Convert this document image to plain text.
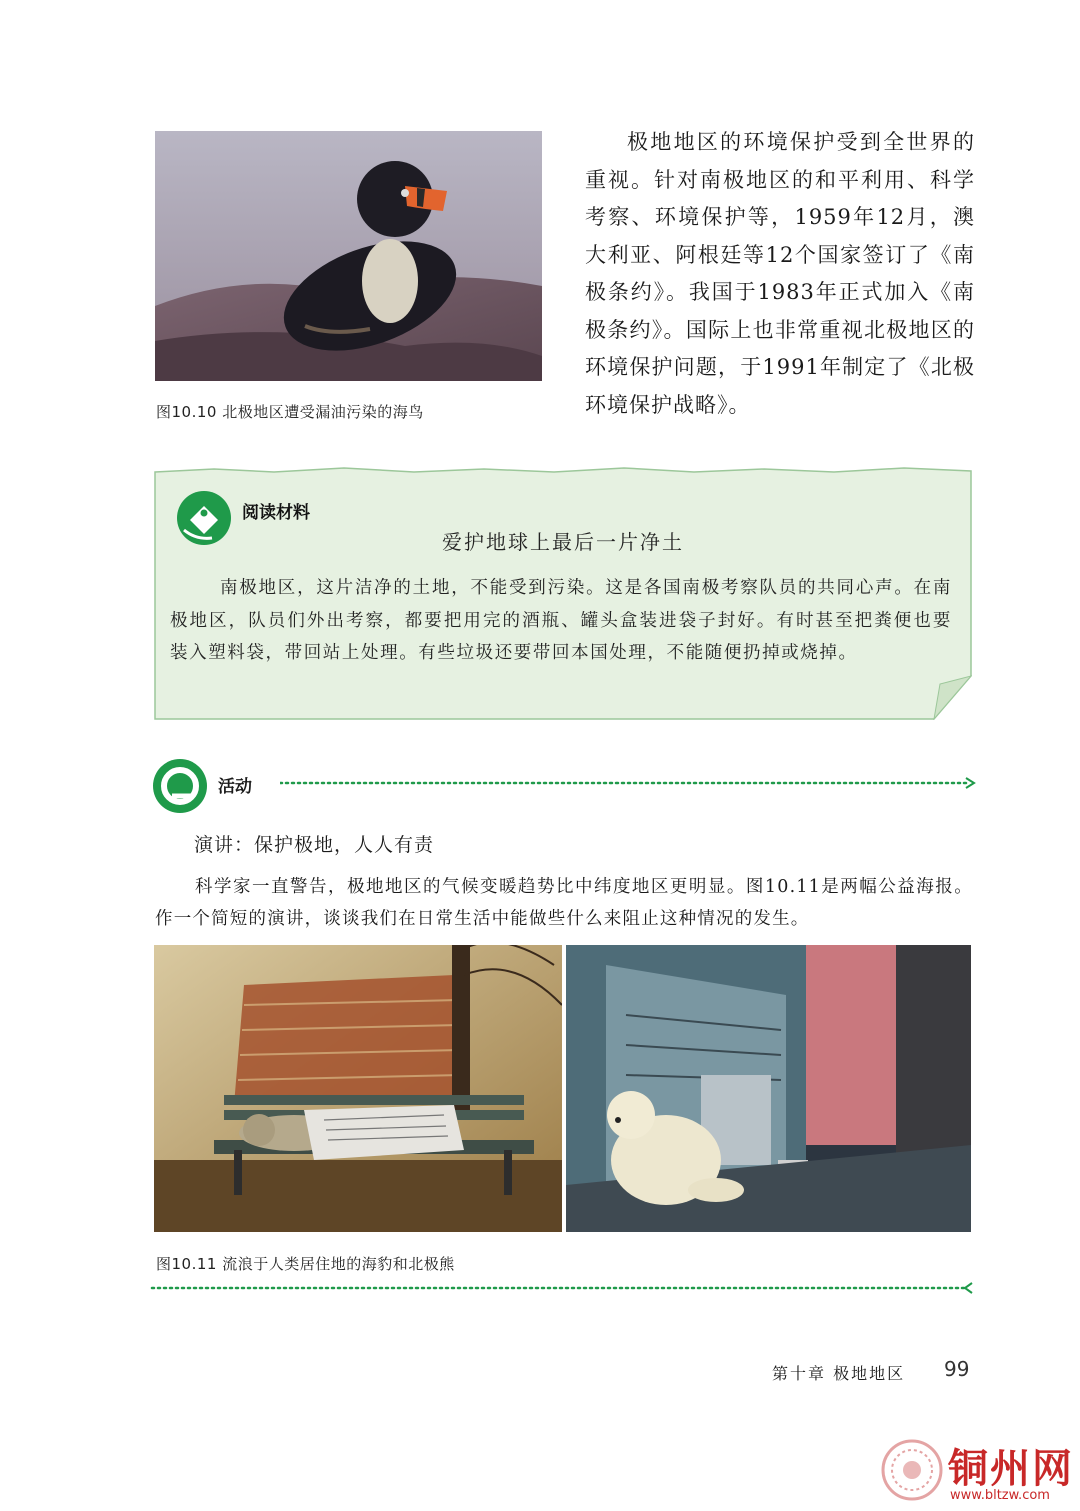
图10.10 北极地区遭受漏油污染的海鸟
极地地区的环境保护受到全世界的重视。针对南极地区的和平利用、科学考察、环境保护等，1959年12月，澳大利亚、阿根廷等12个国家签订了《南极条约》。我国于1983年正式加入《南极条约》。国际上也非常重视北极地区的环境保护问题，于1991年制定了《北极环境保护战略》。
阅读材料
爱护地球上最后一片净土
南极地区，这片洁净的土地，不能受到污染。这是各国南极考察队员的共同心声。在南极地区，队员们外出考察，都要把用完的酒瓶、罐头盒装进袋子封好。有时甚至把粪便也要装入塑料袋，带回站上处理。有些垃圾还要带回本国处理，不能随便扔掉或烧掉。
活动
演讲：保护极地，人人有责
科学家一直警告，极地地区的气候变暖趋势比中纬度地区更明显。图10.11是两幅公益海报。作一个简短的演讲，谈谈我们在日常生活中能做些什么来阻止这种情况的发生。
图10.11 流浪于人类居住地的海豹和北极熊
第十章 极地地区 99
铜州网
www.bltzw.com
